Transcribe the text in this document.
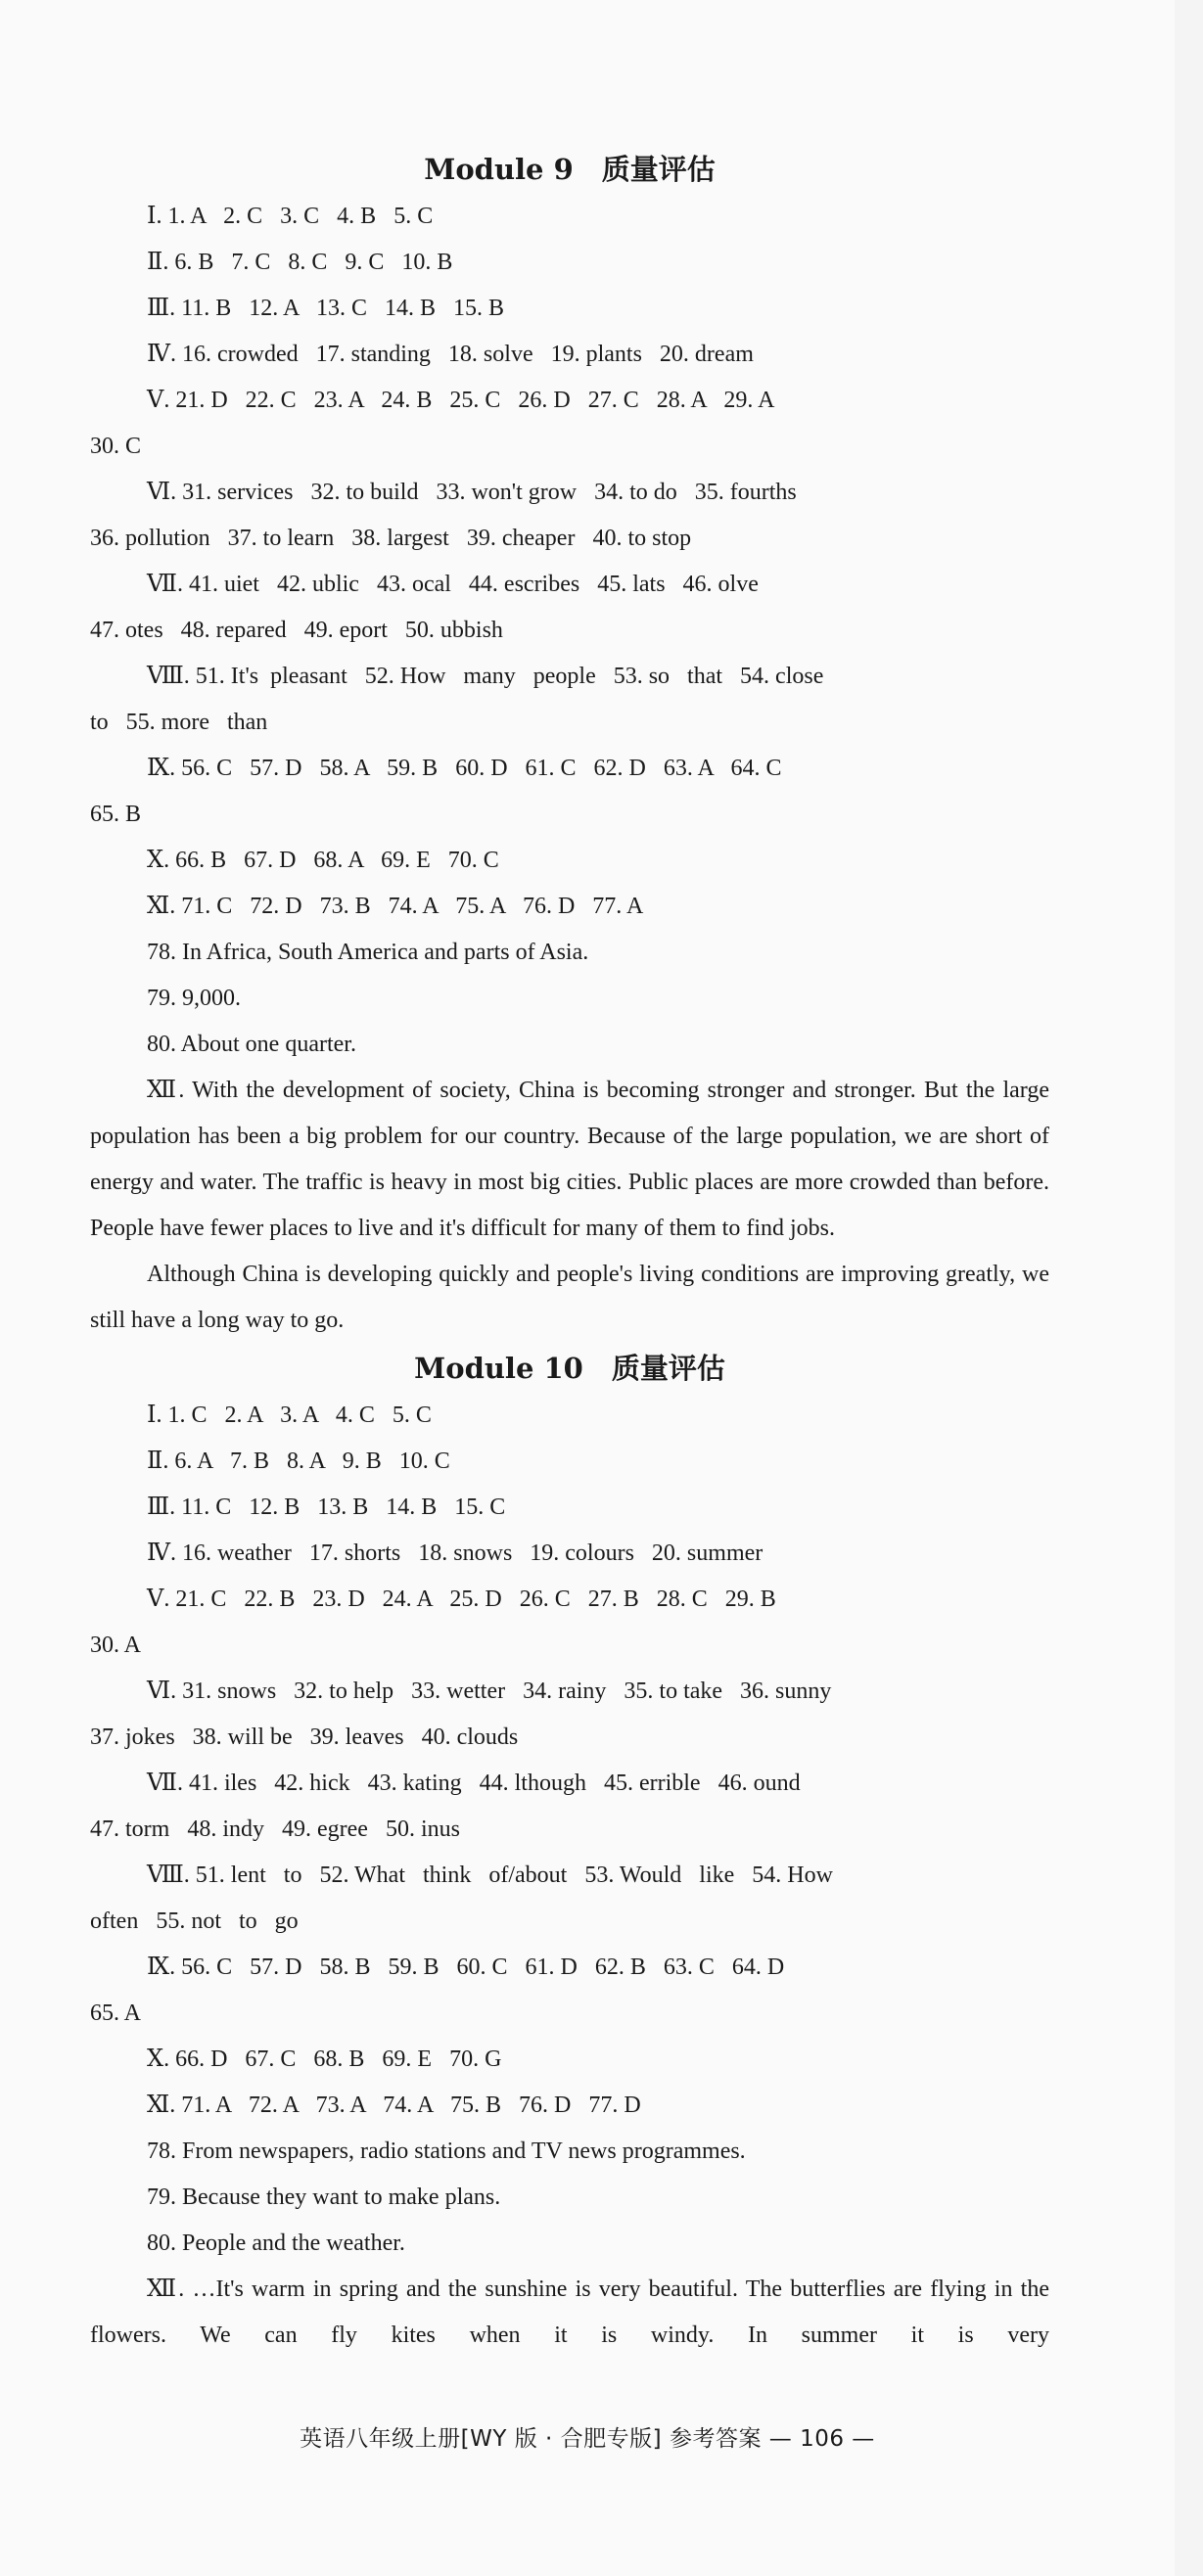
Module 9　质量评估
Ⅰ. 1. A   2. C   3. C   4. B   5. C
Ⅱ. 6. B   7. C   8. C   9. C   10. B
Ⅲ. 11. B   12. A   13. C   14. B   15. B
Ⅳ. 16. crowded   17. standing   18. solve   19. plants   20. dream
Ⅴ. 21. D   22. C   23. A   24. B   25. C   26. D   27. C   28. A   29. A
30. C
Ⅵ. 31. services   32. to build   33. won't grow   34. to do   35. fourths
36. pollution   37. to learn   38. largest   39. cheaper   40. to stop
Ⅶ. 41. uiet   42. ublic   43. ocal   44. escribes   45. lats   46. olve
47. otes   48. repared   49. eport   50. ubbish
Ⅷ. 51. It's  pleasant   52. How   many   people   53. so   that   54. close
to   55. more   than
Ⅸ. 56. C   57. D   58. A   59. B   60. D   61. C   62. D   63. A   64. C
65. B
Ⅹ. 66. B   67. D   68. A   69. E   70. C
Ⅺ. 71. C   72. D   73. B   74. A   75. A   76. D   77. A
78. In Africa, South America and parts of Asia.
79. 9,000.
80. About one quarter.

Ⅻ. With the development of society, China is becoming stronger and stronger. But the large population has been a big problem for our country. Because of the large population, we are short of energy and water. The traffic is heavy in most big cities. Public places are more crowded than before. People have fewer places to live and it's difficult for many of them to find jobs.

Although China is developing quickly and people's living conditions are improving greatly, we still have a long way to go.

Module 10　质量评估
Ⅰ. 1. C   2. A   3. A   4. C   5. C
Ⅱ. 6. A   7. B   8. A   9. B   10. C
Ⅲ. 11. C   12. B   13. B   14. B   15. C
Ⅳ. 16. weather   17. shorts   18. snows   19. colours   20. summer
Ⅴ. 21. C   22. B   23. D   24. A   25. D   26. C   27. B   28. C   29. B
30. A
Ⅵ. 31. snows   32. to help   33. wetter   34. rainy   35. to take   36. sunny
37. jokes   38. will be   39. leaves   40. clouds
Ⅶ. 41. iles   42. hick   43. kating   44. lthough   45. errible   46. ound
47. torm   48. indy   49. egree   50. inus
Ⅷ. 51. lent   to   52. What   think   of/about   53. Would   like   54. How
often   55. not   to   go
Ⅸ. 56. C   57. D   58. B   59. B   60. C   61. D   62. B   63. C   64. D
65. A
Ⅹ. 66. D   67. C   68. B   69. E   70. G
Ⅺ. 71. A   72. A   73. A   74. A   75. B   76. D   77. D
78. From newspapers, radio stations and TV news programmes.
79. Because they want to make plans.
80. People and the weather.

Ⅻ. …It's warm in spring and the sunshine is very beautiful. The butterflies are flying in the flowers. We can fly kites when it is windy. In summer it is very

英语八年级上册[WY 版 · 合肥专版] 参考答案 — 106 —
